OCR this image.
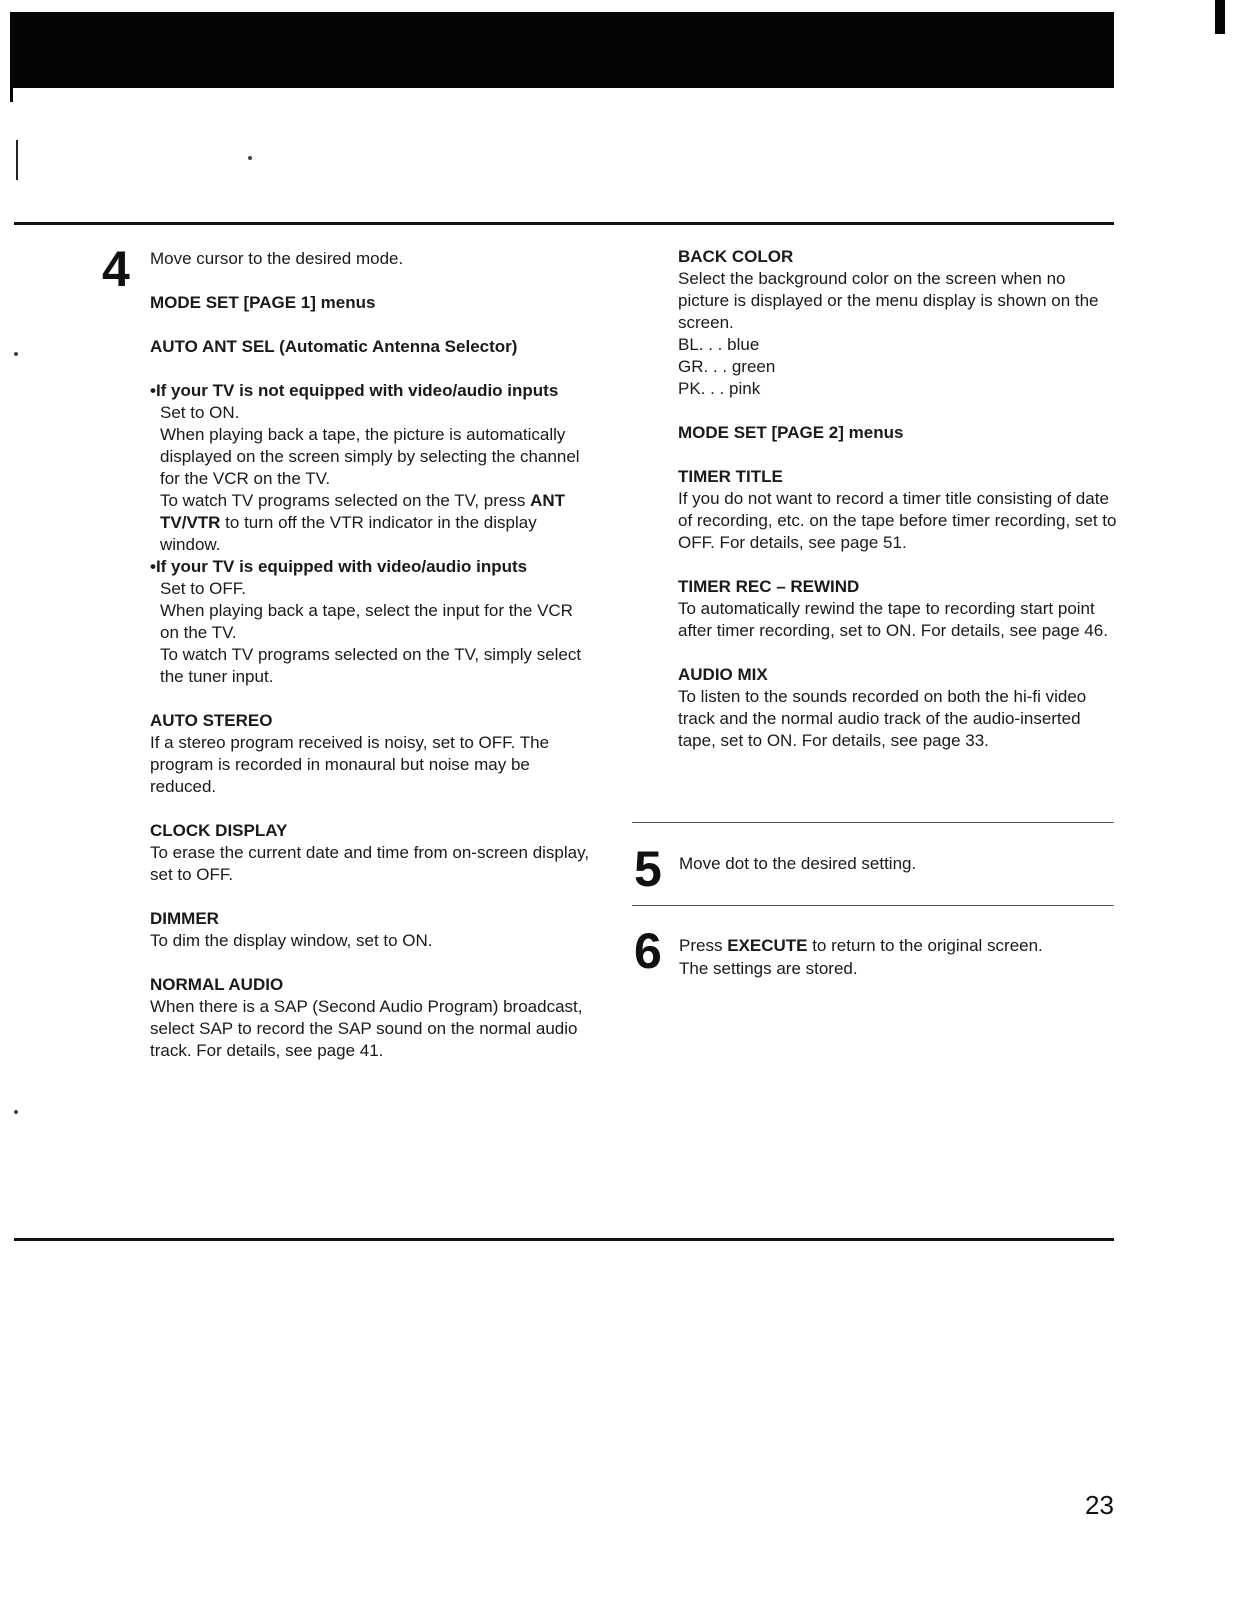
4 Move cursor to the desired mode.

MODE SET [PAGE 1] menus

AUTO ANT SEL (Automatic Antenna Selector)

•If your TV is not equipped with video/audio inputs

Set to ON.

When playing back a tape, the picture is automatically displayed on the screen simply by selecting the channel for the VCR on the TV.

To watch TV programs selected on the TV, press ANT TV/VTR to turn off the VTR indicator in the display window.

•If your TV is equipped with video/audio inputs

Set to OFF.

When playing back a tape, select the input for the VCR on the TV.

To watch TV programs selected on the TV, simply select the tuner input.

AUTO STEREO

If a stereo program received is noisy, set to OFF. The program is recorded in monaural but noise may be reduced.

CLOCK DISPLAY

To erase the current date and time from on-screen display, set to OFF.

DIMMER

To dim the display window, set to ON.

NORMAL AUDIO

When there is a SAP (Second Audio Program) broadcast, select SAP to record the SAP sound on the normal audio track. For details, see page 41.

BACK COLOR

Select the background color on the screen when no picture is displayed or the menu display is shown on the screen.

BL. . . blue

GR. . . green

PK. . . pink

MODE SET [PAGE 2] menus

TIMER TITLE

If you do not want to record a timer title consisting of date of recording, etc. on the tape before timer recording, set to OFF. For details, see page 51.

TIMER REC – REWIND

To automatically rewind the tape to recording start point after timer recording, set to ON. For details, see page 46.

AUDIO MIX

To listen to the sounds recorded on both the hi-fi video track and the normal audio track of the audio-inserted tape, set to ON. For details, see page 33.

5 Move dot to the desired setting.
6 Press EXECUTE to return to the original screen.

The settings are stored.

23
